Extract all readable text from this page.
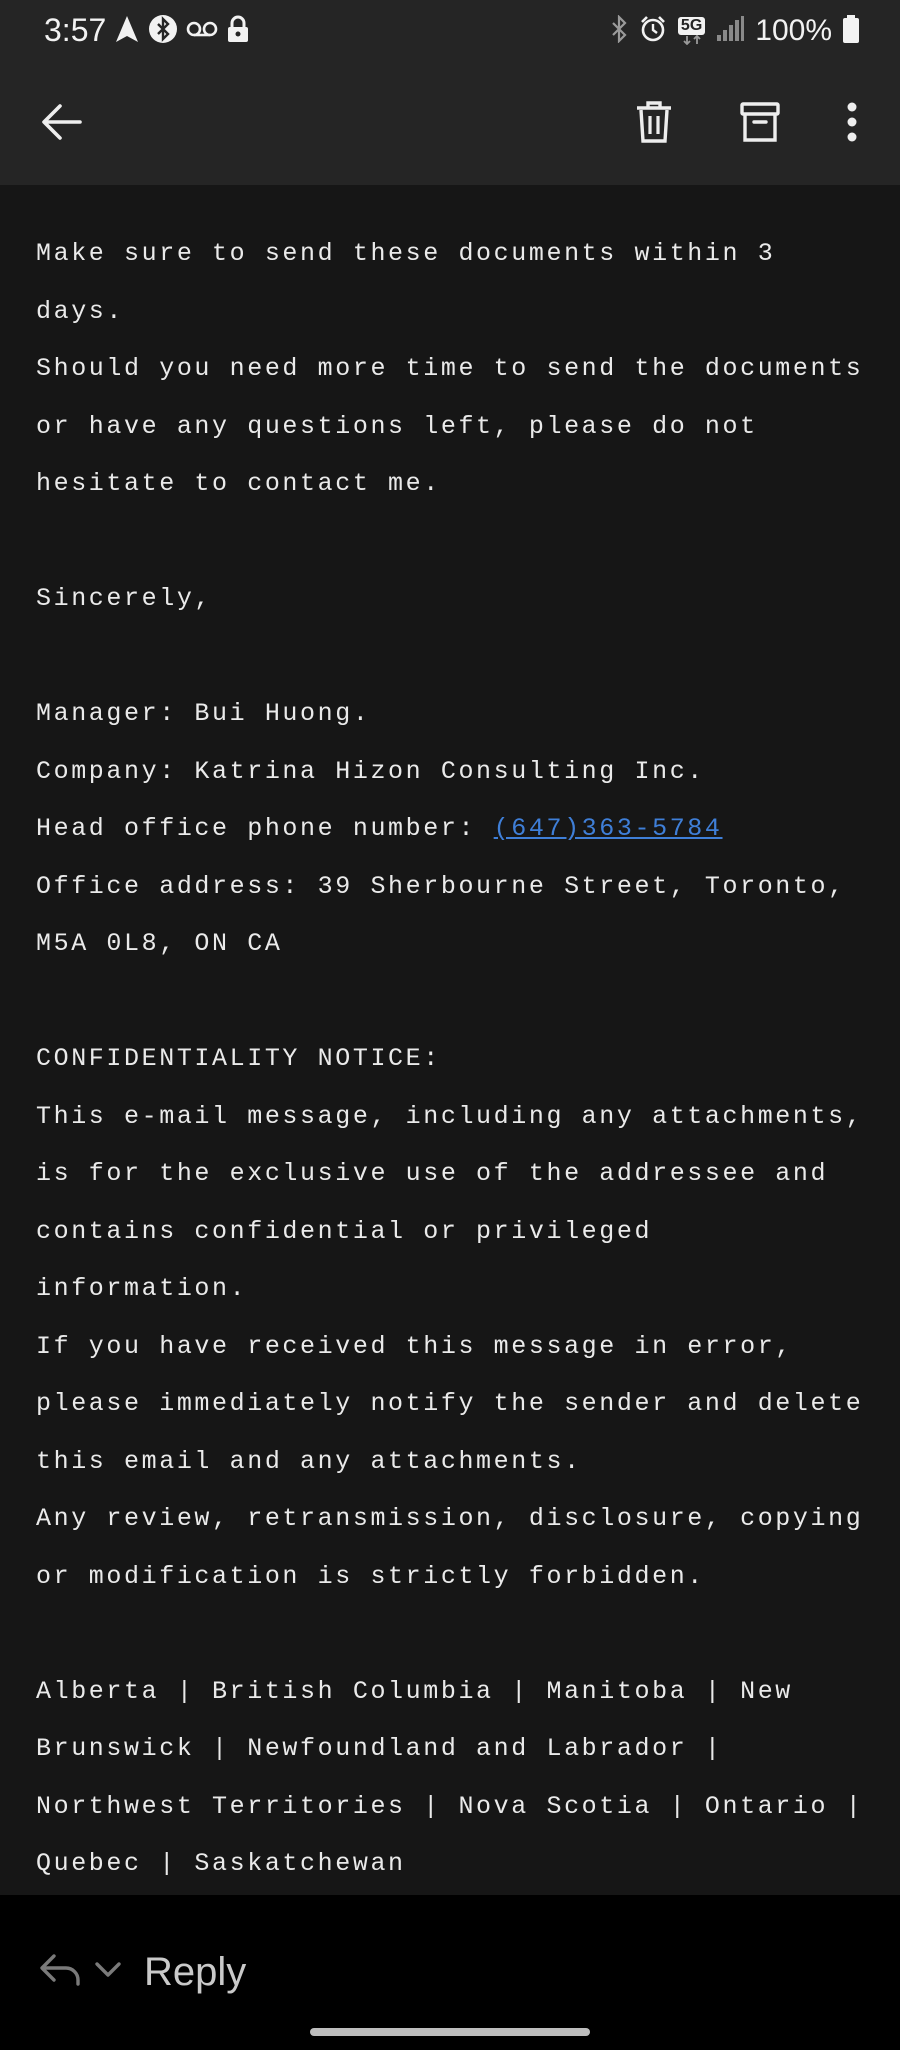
3:57	5G 100%
Make sure to send these documents within 3
days.
Should you need more time to send the documents
or have any questions left, please do not
hesitate to contact me.
Sincerely,
Manager: Bui Huong.
Company: Katrina Hizon Consulting Inc.
Head office phone number: (647)363-5784
Office address: 39 Sherbourne Street, Toronto,
M5A 0L8, ON CA
CONFIDENTIALITY NOTICE:
This e-mail message, including any attachments,
is for the exclusive use of the addressee and
contains confidential or privileged
information.
If you have received this message in error,
please immediately notify the sender and delete
this email and any attachments.
Any review, retransmission, disclosure, copying
or modification is strictly forbidden.
Alberta | British Columbia | Manitoba | New
Brunswick | Newfoundland and Labrador |
Northwest Territories | Nova Scotia | Ontario |
Quebec | Saskatchewan
Reply
